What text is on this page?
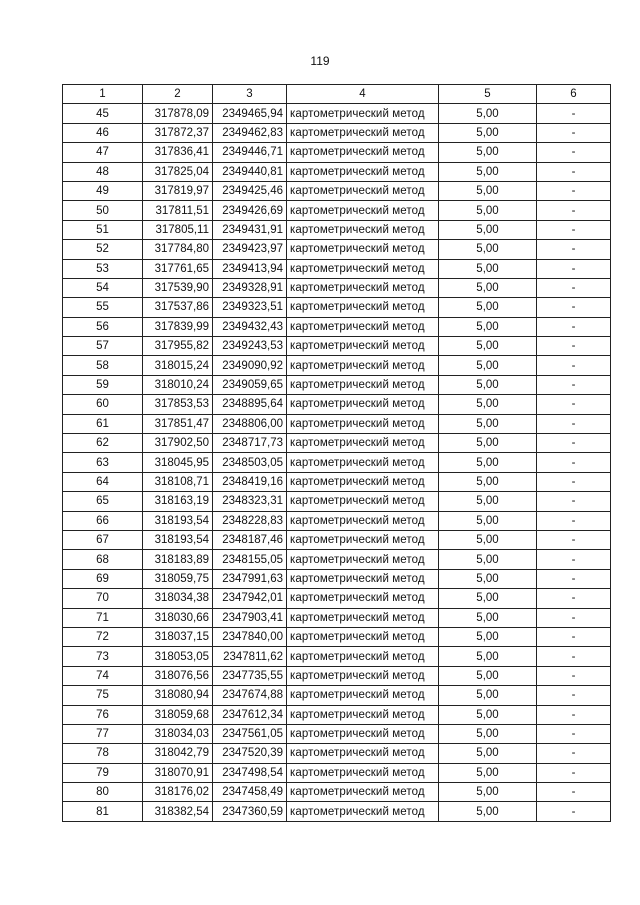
119
1	2	3	4	5	6
45	317878,09	2349465,94	картометрический метод	5,00	-
46	317872,37	2349462,83	картометрический метод	5,00	-
47	317836,41	2349446,71	картометрический метод	5,00	-
48	317825,04	2349440,81	картометрический метод	5,00	-
49	317819,97	2349425,46	картометрический метод	5,00	-
50	317811,51	2349426,69	картометрический метод	5,00	-
51	317805,11	2349431,91	картометрический метод	5,00	-
52	317784,80	2349423,97	картометрический метод	5,00	-
53	317761,65	2349413,94	картометрический метод	5,00	-
54	317539,90	2349328,91	картометрический метод	5,00	-
55	317537,86	2349323,51	картометрический метод	5,00	-
56	317839,99	2349432,43	картометрический метод	5,00	-
57	317955,82	2349243,53	картометрический метод	5,00	-
58	318015,24	2349090,92	картометрический метод	5,00	-
59	318010,24	2349059,65	картометрический метод	5,00	-
60	317853,53	2348895,64	картометрический метод	5,00	-
61	317851,47	2348806,00	картометрический метод	5,00	-
62	317902,50	2348717,73	картометрический метод	5,00	-
63	318045,95	2348503,05	картометрический метод	5,00	-
64	318108,71	2348419,16	картометрический метод	5,00	-
65	318163,19	2348323,31	картометрический метод	5,00	-
66	318193,54	2348228,83	картометрический метод	5,00	-
67	318193,54	2348187,46	картометрический метод	5,00	-
68	318183,89	2348155,05	картометрический метод	5,00	-
69	318059,75	2347991,63	картометрический метод	5,00	-
70	318034,38	2347942,01	картометрический метод	5,00	-
71	318030,66	2347903,41	картометрический метод	5,00	-
72	318037,15	2347840,00	картометрический метод	5,00	-
73	318053,05	2347811,62	картометрический метод	5,00	-
74	318076,56	2347735,55	картометрический метод	5,00	-
75	318080,94	2347674,88	картометрический метод	5,00	-
76	318059,68	2347612,34	картометрический метод	5,00	-
77	318034,03	2347561,05	картометрический метод	5,00	-
78	318042,79	2347520,39	картометрический метод	5,00	-
79	318070,91	2347498,54	картометрический метод	5,00	-
80	318176,02	2347458,49	картометрический метод	5,00	-
81	318382,54	2347360,59	картометрический метод	5,00	-
